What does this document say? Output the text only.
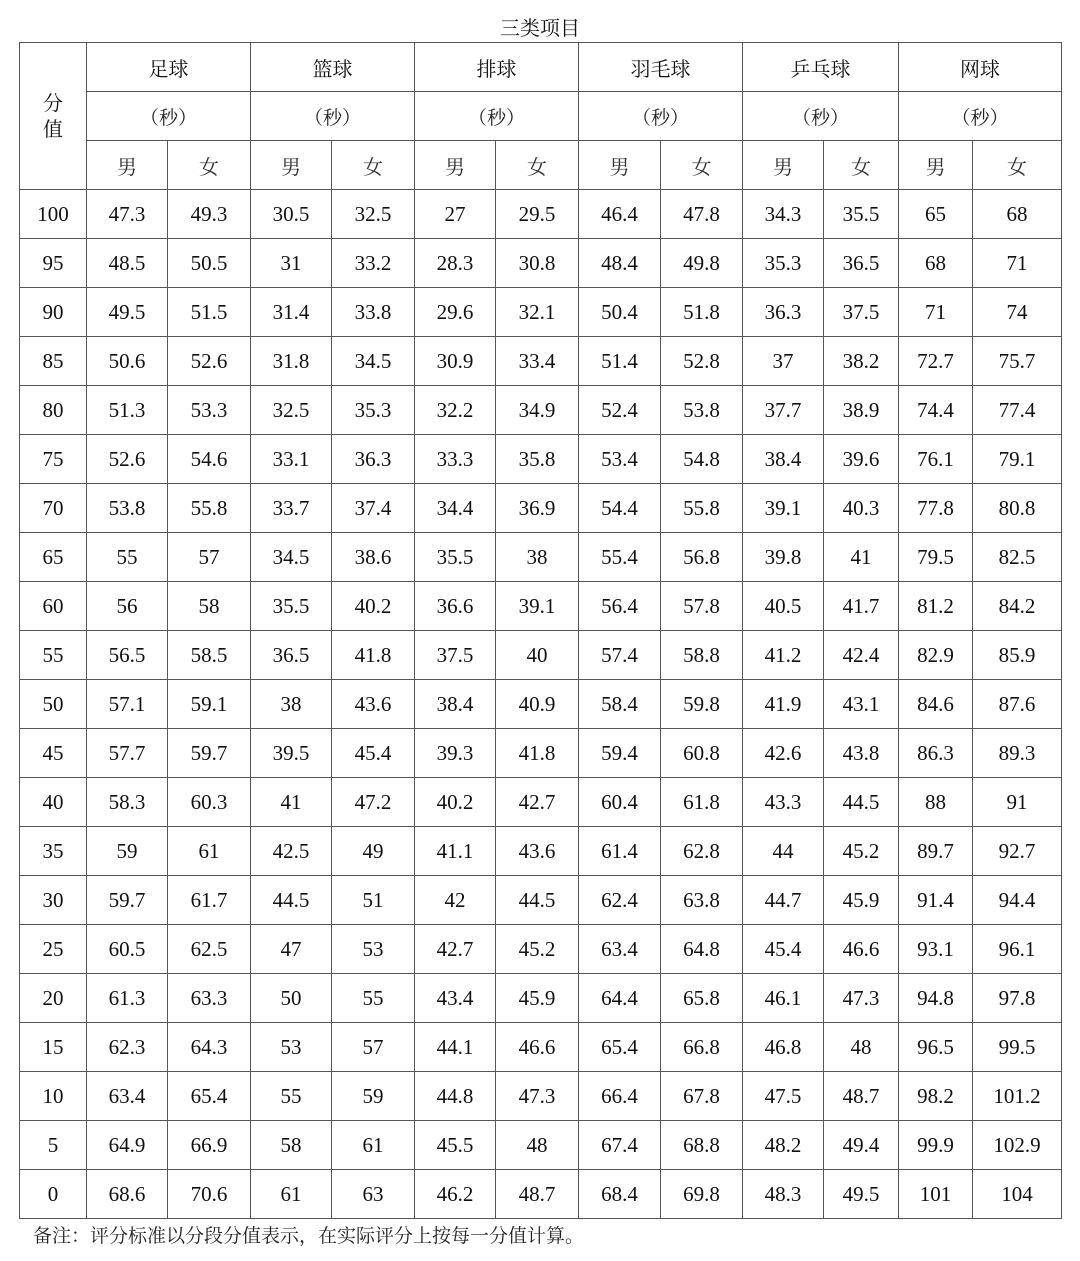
三类项目
分值	足球		篮球		排球		羽毛球		乒乓球		网球	
	（秒）		（秒）		（秒）		（秒）		（秒）		（秒）	
	男	女	男	女	男	女	男	女	男	女	男	女
100	47.3	49.3	30.5	32.5	27	29.5	46.4	47.8	34.3	35.5	65	68
95	48.5	50.5	31	33.2	28.3	30.8	48.4	49.8	35.3	36.5	68	71
90	49.5	51.5	31.4	33.8	29.6	32.1	50.4	51.8	36.3	37.5	71	74
85	50.6	52.6	31.8	34.5	30.9	33.4	51.4	52.8	37	38.2	72.7	75.7
80	51.3	53.3	32.5	35.3	32.2	34.9	52.4	53.8	37.7	38.9	74.4	77.4
75	52.6	54.6	33.1	36.3	33.3	35.8	53.4	54.8	38.4	39.6	76.1	79.1
70	53.8	55.8	33.7	37.4	34.4	36.9	54.4	55.8	39.1	40.3	77.8	80.8
65	55	57	34.5	38.6	35.5	38	55.4	56.8	39.8	41	79.5	82.5
60	56	58	35.5	40.2	36.6	39.1	56.4	57.8	40.5	41.7	81.2	84.2
55	56.5	58.5	36.5	41.8	37.5	40	57.4	58.8	41.2	42.4	82.9	85.9
50	57.1	59.1	38	43.6	38.4	40.9	58.4	59.8	41.9	43.1	84.6	87.6
45	57.7	59.7	39.5	45.4	39.3	41.8	59.4	60.8	42.6	43.8	86.3	89.3
40	58.3	60.3	41	47.2	40.2	42.7	60.4	61.8	43.3	44.5	88	91
35	59	61	42.5	49	41.1	43.6	61.4	62.8	44	45.2	89.7	92.7
30	59.7	61.7	44.5	51	42	44.5	62.4	63.8	44.7	45.9	91.4	94.4
25	60.5	62.5	47	53	42.7	45.2	63.4	64.8	45.4	46.6	93.1	96.1
20	61.3	63.3	50	55	43.4	45.9	64.4	65.8	46.1	47.3	94.8	97.8
15	62.3	64.3	53	57	44.1	46.6	65.4	66.8	46.8	48	96.5	99.5
10	63.4	65.4	55	59	44.8	47.3	66.4	67.8	47.5	48.7	98.2	101.2
5	64.9	66.9	58	61	45.5	48	67.4	68.8	48.2	49.4	99.9	102.9
0	68.6	70.6	61	63	46.2	48.7	68.4	69.8	48.3	49.5	101	104
备注：评分标准以分段分值表示，在实际评分上按每一分值计算。
